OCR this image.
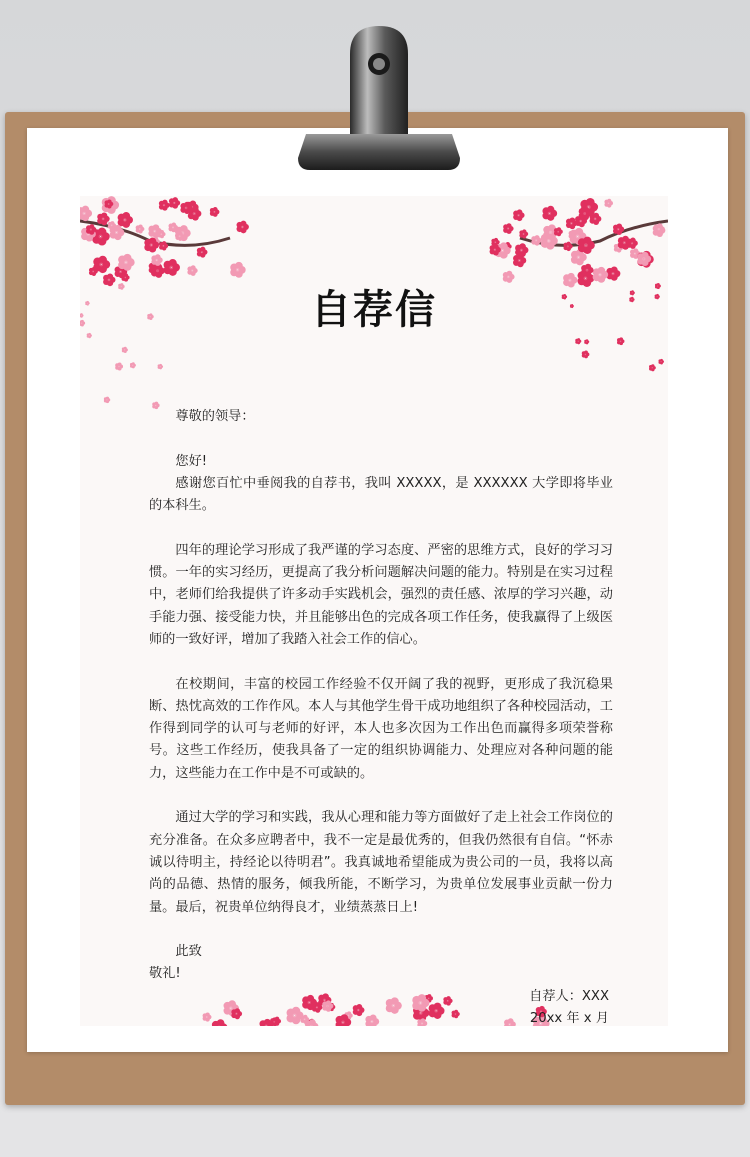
自荐信

尊敬的领导：

您好!

感谢您百忙中垂阅我的自荐书，我叫 XXXXX，是 XXXXXX 大学即将毕业的本科生。

四年的理论学习形成了我严谨的学习态度、严密的思维方式，良好的学习习惯。一年的实习经历，更提高了我分析问题解决问题的能力。特别是在实习过程中，老师们给我提供了许多动手实践机会，强烈的责任感、浓厚的学习兴趣，动手能力强、接受能力快，并且能够出色的完成各项工作任务，使我赢得了上级医师的一致好评，增加了我踏入社会工作的信心。

在校期间，丰富的校园工作经验不仅开阔了我的视野，更形成了我沉稳果断、热忱高效的工作作风。本人与其他学生骨干成功地组织了各种校园活动，工作得到同学的认可与老师的好评，本人也多次因为工作出色而赢得多项荣誉称号。这些工作经历，使我具备了一定的组织协调能力、处理应对各种问题的能力，这些能力在工作中是不可或缺的。

通过大学的学习和实践，我从心理和能力等方面做好了走上社会工作岗位的充分准备。在众多应聘者中，我不一定是最优秀的，但我仍然很有自信。“怀赤诚以待明主，持经论以待明君”。我真诚地希望能成为贵公司的一员，我将以高尚的品德、热情的服务，倾我所能，不断学习，为贵单位发展事业贡献一份力量。最后，祝贵单位纳得良才，业绩蒸蒸日上!

此致

敬礼!

自荐人：XXX

20xx 年 x 月
